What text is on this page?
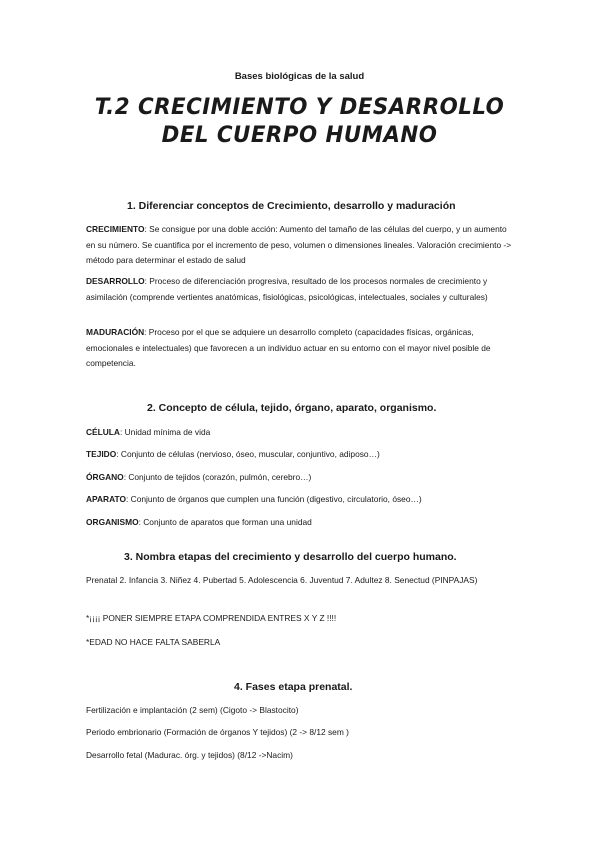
Bases biológicas de la salud
T.2 CRECIMIENTO Y DESARROLLO
DEL CUERPO HUMANO
1. Diferenciar conceptos de Crecimiento, desarrollo y maduración
CRECIMIENTO: Se consigue por una doble acción: Aumento del tamaño de las células del cuerpo, y un aumento en su número. Se cuantifica por el incremento de peso, volumen o dimensiones lineales. Valoración crecimiento -> método para determinar el estado de salud
DESARROLLO: Proceso de diferenciación progresiva, resultado de los procesos normales de crecimiento y asimilación (comprende vertientes anatómicas, fisiológicas, psicológicas, intelectuales, sociales y culturales)
MADURACIÓN: Proceso por el que se adquiere un desarrollo completo (capacidades físicas, orgánicas, emocionales e intelectuales) que favorecen a un individuo actuar en su entorno con el mayor nivel posible de competencia.
2. Concepto de célula, tejido, órgano, aparato, organismo.
CÉLULA: Unidad mínima de vida
TEJIDO: Conjunto de células (nervioso, óseo, muscular, conjuntivo, adiposo…)
ÓRGANO: Conjunto de tejidos (corazón, pulmón, cerebro…)
APARATO: Conjunto de órganos que cumplen una función (digestivo, circulatorio, óseo…)
ORGANISMO: Conjunto de aparatos que forman una unidad
3. Nombra etapas del crecimiento y desarrollo del cuerpo humano.
Prenatal 2. Infancia 3. Niñez 4. Pubertad 5. Adolescencia 6. Juventud 7. Adultez 8. Senectud (PINPAJAS)
*¡¡¡¡ PONER SIEMPRE ETAPA COMPRENDIDA ENTRES X Y Z !!!!
*EDAD NO HACE FALTA SABERLA
4. Fases etapa prenatal.
Fertilización e implantación (2 sem) (Cigoto -> Blastocito)
Periodo embrionario (Formación de órganos Y tejidos) (2 -> 8/12 sem )
Desarrollo fetal (Madurac. órg. y tejidos) (8/12 ->Nacim)
